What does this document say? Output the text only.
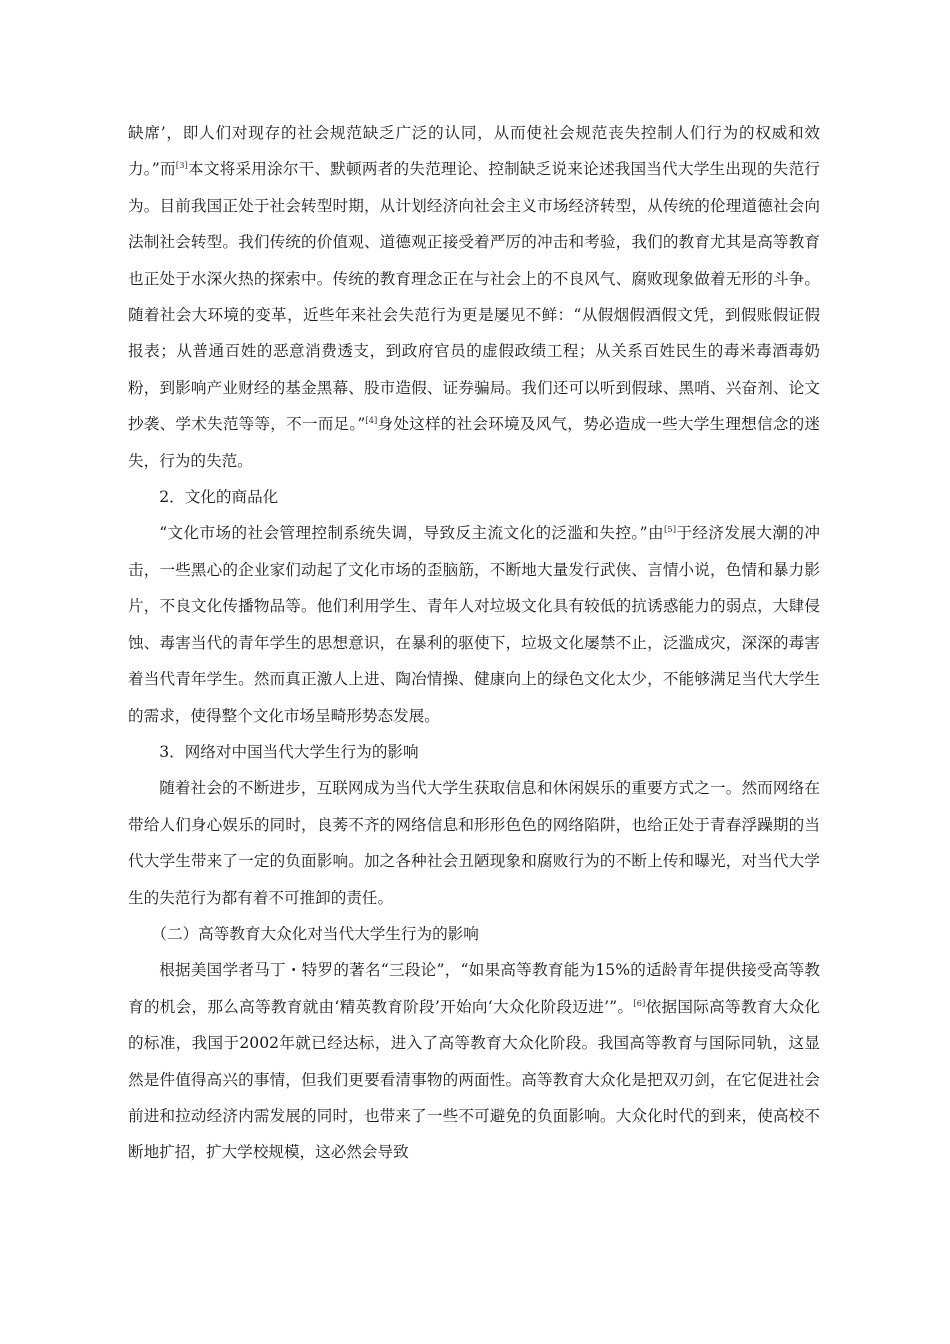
缺席’，即人们对现存的社会规范缺乏广泛的认同，从而使社会规范丧失控制人们行为的权威和效力。”而[3]本文将采用涂尔干、默顿两者的失范理论、控制缺乏说来论述我国当代大学生出现的失范行为。目前我国正处于社会转型时期，从计划经济向社会主义市场经济转型，从传统的伦理道德社会向法制社会转型。我们传统的价值观、道德观正接受着严厉的冲击和考验，我们的教育尤其是高等教育也正处于水深火热的探索中。传统的教育理念正在与社会上的不良风气、腐败现象做着无形的斗争。随着社会大环境的变革，近些年来社会失范行为更是屡见不鲜：“从假烟假酒假文凭，到假账假证假报表；从普通百姓的恶意消费透支，到政府官员的虚假政绩工程；从关系百姓民生的毒米毒酒毒奶粉，到影响产业财经的基金黑幕、股市造假、证券骗局。我们还可以听到假球、黑哨、兴奋剂、论文抄袭、学术失范等等，不一而足。”[4]身处这样的社会环境及风气，势必造成一些大学生理想信念的迷失，行为的失范。

2．文化的商品化

“文化市场的社会管理控制系统失调，导致反主流文化的泛滥和失控。”由[5]于经济发展大潮的冲击，一些黑心的企业家们动起了文化市场的歪脑筋，不断地大量发行武侠、言情小说，色情和暴力影片，不良文化传播物品等。他们利用学生、青年人对垃圾文化具有较低的抗诱惑能力的弱点，大肆侵蚀、毒害当代的青年学生的思想意识，在暴利的驱使下，垃圾文化屡禁不止，泛滥成灾，深深的毒害着当代青年学生。然而真正激人上进、陶冶情操、健康向上的绿色文化太少，不能够满足当代大学生的需求，使得整个文化市场呈畸形势态发展。

3．网络对中国当代大学生行为的影响

随着社会的不断进步，互联网成为当代大学生获取信息和休闲娱乐的重要方式之一。然而网络在带给人们身心娱乐的同时，良莠不齐的网络信息和形形色色的网络陷阱，也给正处于青春浮躁期的当代大学生带来了一定的负面影响。加之各种社会丑陋现象和腐败行为的不断上传和曝光，对当代大学生的失范行为都有着不可推卸的责任。

（二）高等教育大众化对当代大学生行为的影响

根据美国学者马丁・特罗的著名“三段论”，“如果高等教育能为15%的适龄青年提供接受高等教育的机会，那么高等教育就由‘精英教育阶段’开始向‘大众化阶段迈进’”。[6]依据国际高等教育大众化的标准，我国于2002年就已经达标，进入了高等教育大众化阶段。我国高等教育与国际同轨，这显然是件值得高兴的事情，但我们更要看清事物的两面性。高等教育大众化是把双刃剑，在它促进社会前进和拉动经济内需发展的同时，也带来了一些不可避免的负面影响。大众化时代的到来，使高校不断地扩招，扩大学校规模，这必然会导致
